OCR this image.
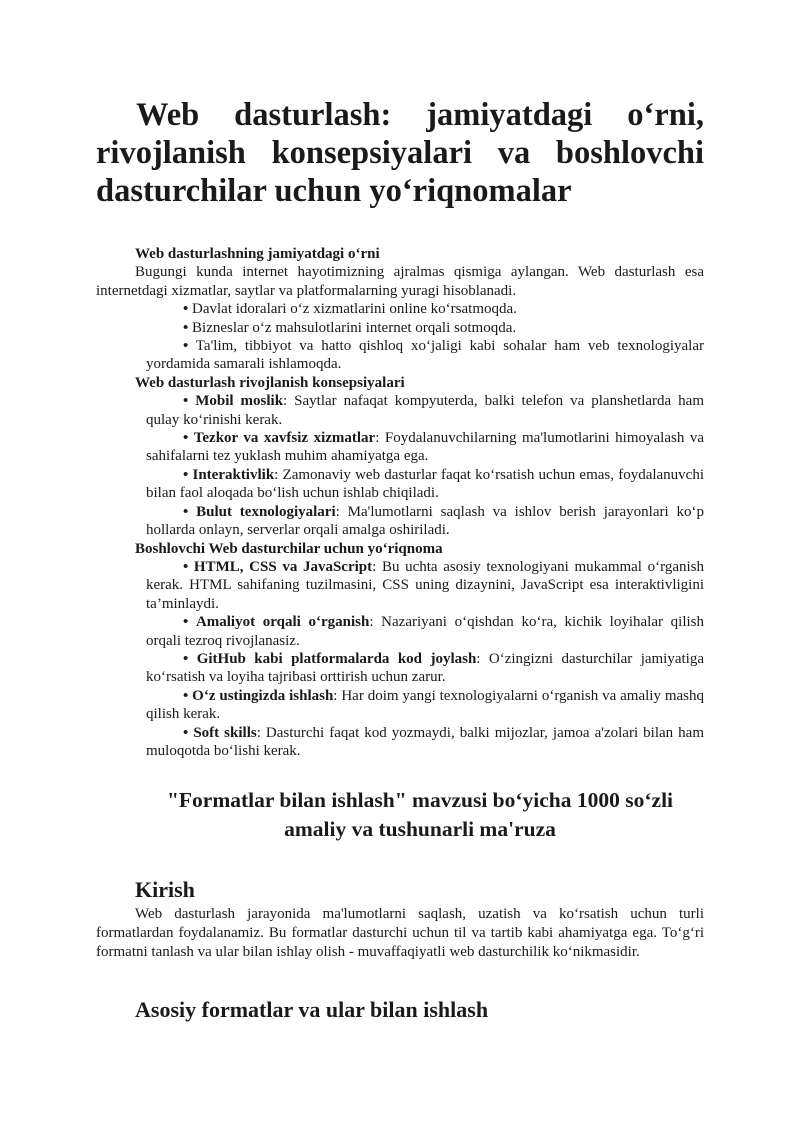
Web dasturlash: jamiyatdagi o‘rni, rivojlanish konsepsiyalari va boshlovchi dasturchilar uchun yo‘riqnomalar

Web dasturlashning jamiyatdagi o‘rni

Bugungi kunda internet hayotimizning ajralmas qismiga aylangan. Web dasturlash esa internetdagi xizmatlar, saytlar va platformalarning yuragi hisoblanadi.

• Davlat idoralari o‘z xizmatlarini online ko‘rsatmoqda.

• Bizneslar o‘z mahsulotlarini internet orqali sotmoqda.

• Ta'lim, tibbiyot va hatto qishloq xo‘jaligi kabi sohalar ham veb texnologiyalar yordamida samarali ishlamoqda.

Web dasturlash rivojlanish konsepsiyalari

• Mobil moslik: Saytlar nafaqat kompyuterda, balki telefon va planshetlarda ham qulay ko‘rinishi kerak.

• Tezkor va xavfsiz xizmatlar: Foydalanuvchilarning ma'lumotlarini himoyalash va sahifalarni tez yuklash muhim ahamiyatga ega.

• Interaktivlik: Zamonaviy web dasturlar faqat ko‘rsatish uchun emas, foydalanuvchi bilan faol aloqada bo‘lish uchun ishlab chiqiladi.

• Bulut texnologiyalari: Ma'lumotlarni saqlash va ishlov berish jarayonlari ko‘p hollarda onlayn, serverlar orqali amalga oshiriladi.

Boshlovchi Web dasturchilar uchun yo‘riqnoma

• HTML, CSS va JavaScript: Bu uchta asosiy texnologiyani mukammal o‘rganish kerak. HTML sahifaning tuzilmasini, CSS uning dizaynini, JavaScript esa interaktivligini ta’minlaydi.

• Amaliyot orqali o‘rganish: Nazariyani o‘qishdan ko‘ra, kichik loyihalar qilish orqali tezroq rivojlanasiz.

• GitHub kabi platformalarda kod joylash: O‘zingizni dasturchilar jamiyatiga ko‘rsatish va loyiha tajribasi orttirish uchun zarur.

• O‘z ustingizda ishlash: Har doim yangi texnologiyalarni o‘rganish va amaliy mashq qilish kerak.

• Soft skills: Dasturchi faqat kod yozmaydi, balki mijozlar, jamoa a'zolari bilan ham muloqotda bo‘lishi kerak.

"Formatlar bilan ishlash" mavzusi bo‘yicha 1000 so‘zli amaliy va tushunarli ma'ruza
Kirish

Web dasturlash jarayonida ma'lumotlarni saqlash, uzatish va ko‘rsatish uchun turli formatlardan foydalanamiz. Bu formatlar dasturchi uchun til va tartib kabi ahamiyatga ega. To‘g‘ri formatni tanlash va ular bilan ishlay olish - muvaffaqiyatli web dasturchilik ko‘nikmasidir.

Asosiy formatlar va ular bilan ishlash
